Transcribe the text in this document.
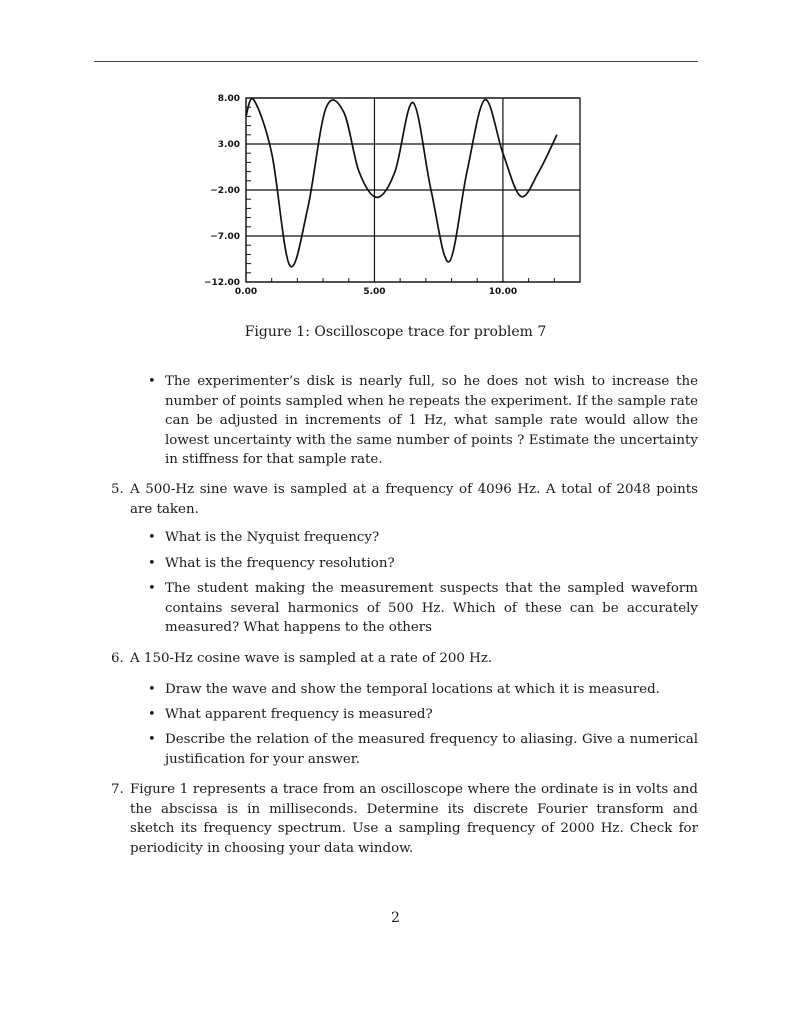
8.00
3.00
−2.00
−7.00
−12.00
0.00	5.00	10.00
Figure 1: Oscilloscope trace for problem 7
• The experimenter’s disk is nearly full, so he does not wish to increase the number of points sampled when he repeats the experiment. If the sample rate can be adjusted in increments of 1 Hz, what sample rate would allow the lowest uncertainty with the same number of points ? Estimate the uncertainty in stiffness for that sample rate.
5. A 500-Hz sine wave is sampled at a frequency of 4096 Hz. A total of 2048 points are taken.
• What is the Nyquist frequency?
• What is the frequency resolution?
• The student making the measurement suspects that the sampled waveform contains several harmonics of 500 Hz. Which of these can be accurately measured? What happens to the others
6. A 150-Hz cosine wave is sampled at a rate of 200 Hz.
• Draw the wave and show the temporal locations at which it is measured.
• What apparent frequency is measured?
• Describe the relation of the measured frequency to aliasing. Give a numerical justification for your answer.
7. Figure 1 represents a trace from an oscilloscope where the ordinate is in volts and the abscissa is in milliseconds. Determine its discrete Fourier transform and sketch its frequency spectrum. Use a sampling frequency of 2000 Hz. Check for periodicity in choosing your data window.
2
